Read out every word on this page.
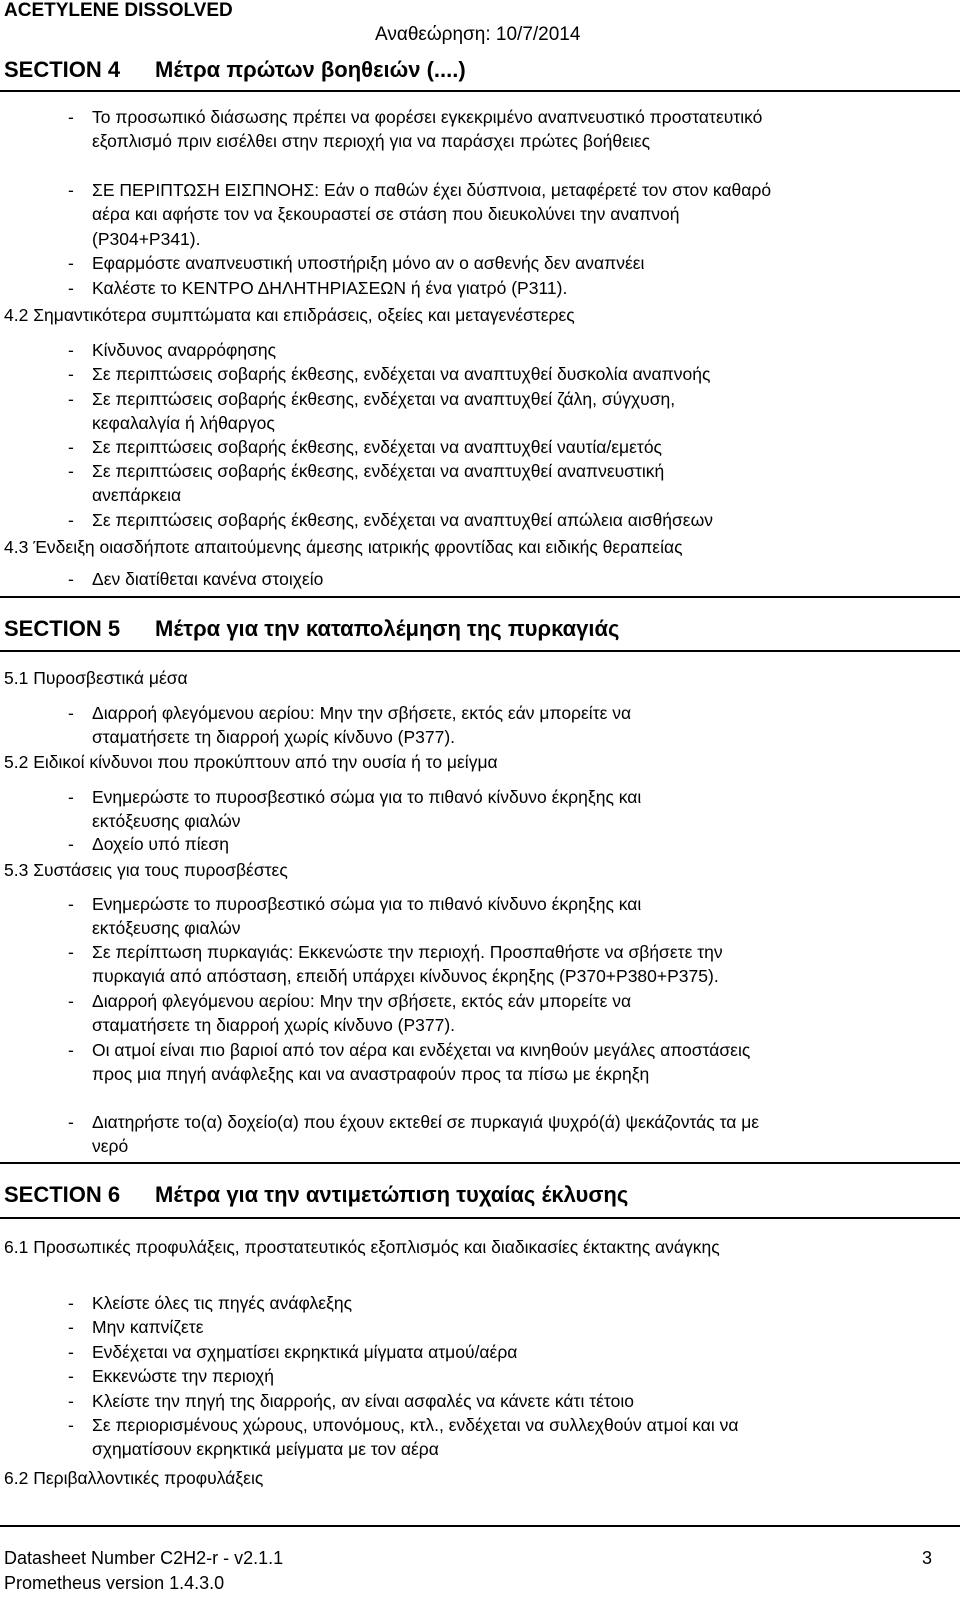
ACETYLENE DISSOLVED
Αναθεώρηση: 10/7/2014
SECTION 4 Μέτρα πρώτων βοηθειών (....)
- Το προσωπικό διάσωσης πρέπει να φορέσει εγκεκριμένο αναπνευστικό προστατευτικό
εξοπλισμό πριν εισέλθει στην περιοχή για να παράσχει πρώτες βοήθειες
- ΣΕ ΠΕΡΙΠΤΩΣΗ ΕΙΣΠΝΟΗΣ: Εάν ο παθών έχει δύσπνοια, μεταφέρετέ τον στον καθαρό
αέρα και αφήστε τον να ξεκουραστεί σε στάση που διευκολύνει την αναπνοή
(P304+P341).
- Εφαρμόστε αναπνευστική υποστήριξη μόνο αν ο ασθενής δεν αναπνέει
- Καλέστε το ΚΕΝΤΡΟ ΔΗΛΗΤΗΡΙΑΣΕΩΝ ή ένα γιατρό (P311).
4.2 Σημαντικότερα συμπτώματα και επιδράσεις, οξείες και μεταγενέστερες
- Κίνδυνος αναρρόφησης
- Σε περιπτώσεις σοβαρής έκθεσης, ενδέχεται να αναπτυχθεί δυσκολία αναπνοής
- Σε περιπτώσεις σοβαρής έκθεσης, ενδέχεται να αναπτυχθεί ζάλη, σύγχυση,
κεφαλαλγία ή λήθαργος
- Σε περιπτώσεις σοβαρής έκθεσης, ενδέχεται να αναπτυχθεί ναυτία/εμετός
- Σε περιπτώσεις σοβαρής έκθεσης, ενδέχεται να αναπτυχθεί αναπνευστική
ανεπάρκεια
- Σε περιπτώσεις σοβαρής έκθεσης, ενδέχεται να αναπτυχθεί απώλεια αισθήσεων
4.3 Ένδειξη οιασδήποτε απαιτούμενης άμεσης ιατρικής φροντίδας και ειδικής θεραπείας
- Δεν διατίθεται κανένα στοιχείο
SECTION 5 Μέτρα για την καταπολέμηση της πυρκαγιάς
5.1 Πυροσβεστικά μέσα
- Διαρροή φλεγόμενου αερίου: Μην την σβήσετε, εκτός εάν μπορείτε να
σταματήσετε τη διαρροή χωρίς κίνδυνο (P377).
5.2 Ειδικοί κίνδυνοι που προκύπτουν από την ουσία ή το μείγμα
- Ενημερώστε το πυροσβεστικό σώμα για το πιθανό κίνδυνο έκρηξης και
εκτόξευσης φιαλών
- Δοχείο υπό πίεση
5.3 Συστάσεις για τους πυροσβέστες
- Ενημερώστε το πυροσβεστικό σώμα για το πιθανό κίνδυνο έκρηξης και
εκτόξευσης φιαλών
- Σε περίπτωση πυρκαγιάς: Εκκενώστε την περιοχή. Προσπαθήστε να σβήσετε την
πυρκαγιά από απόσταση, επειδή υπάρχει κίνδυνος έκρηξης (P370+P380+P375).
- Διαρροή φλεγόμενου αερίου: Μην την σβήσετε, εκτός εάν μπορείτε να
σταματήσετε τη διαρροή χωρίς κίνδυνο (P377).
- Οι ατμοί είναι πιο βαριοί από τον αέρα και ενδέχεται να κινηθούν μεγάλες αποστάσεις
προς μια πηγή ανάφλεξης και να αναστραφούν προς τα πίσω με έκρηξη
- Διατηρήστε το(α) δοχείο(α) που έχουν εκτεθεί σε πυρκαγιά ψυχρό(ά) ψεκάζοντάς τα με
νερό
SECTION 6 Μέτρα για την αντιμετώπιση τυχαίας έκλυσης
6.1 Προσωπικές προφυλάξεις, προστατευτικός εξοπλισμός και διαδικασίες έκτακτης ανάγκης
- Κλείστε όλες τις πηγές ανάφλεξης
- Μην καπνίζετε
- Ενδέχεται να σχηματίσει εκρηκτικά μίγματα ατμού/αέρα
- Εκκενώστε την περιοχή
- Κλείστε την πηγή της διαρροής, αν είναι ασφαλές να κάνετε κάτι τέτοιο
- Σε περιορισμένους χώρους, υπονόμους, κτλ., ενδέχεται να συλλεχθούν ατμοί και να
σχηματίσουν εκρηκτικά μείγματα με τον αέρα
6.2 Περιβαλλοντικές προφυλάξεις
Datasheet Number C2H2-r - v2.1.1	3
Prometheus version 1.4.3.0
